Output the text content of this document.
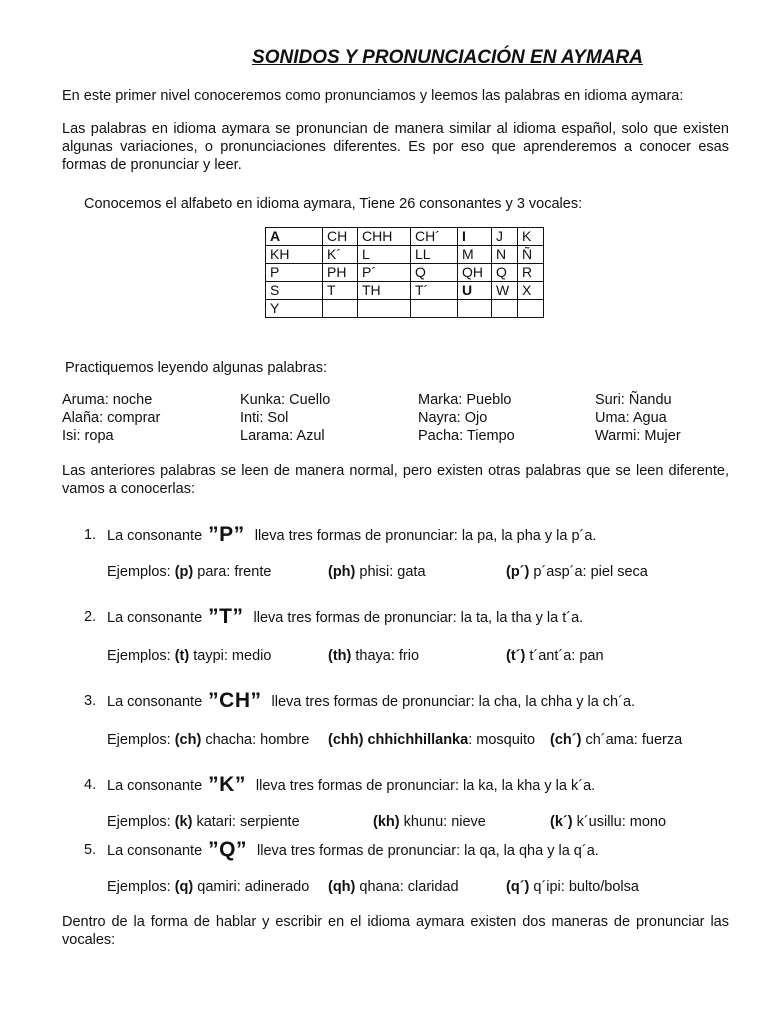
SONIDOS Y PRONUNCIACIÓN EN AYMARA

En este primer nivel conoceremos como pronunciamos y leemos las palabras en idioma aymara:

Las palabras en idioma aymara se pronuncian de manera similar al idioma español, solo que existen algunas variaciones, o pronunciaciones diferentes. Es por eso que aprenderemos a conocer esas formas de pronunciar y leer.

Conocemos el alfabeto en idioma aymara, Tiene 26 consonantes y 3 vocales:

A	CH	CHH	CH´	I	J	K
KH	K´	L	LL	M	N	Ñ
P	PH	P´	Q	QH	Q	R
S	T	TH	T´	U	W	X
Y						

Practiquemos leyendo algunas palabras:

Aruma: noche	Kunka: Cuello	Marka: Pueblo	Suri: Ñandu
Alaña: comprar	Inti: Sol	Nayra: Ojo	Uma: Agua
Isi: ropa	Larama: Azul	Pacha: Tiempo	Warmi: Mujer

Las anteriores palabras se leen de manera normal, pero existen otras palabras que se leen diferente, vamos a conocerlas:

1. La consonante ”P” lleva tres formas de pronunciar: la pa, la pha y la p´a.
Ejemplos: (p) para: frente	(ph) phisi: gata	(p´) p´asp´a: piel seca
2. La consonante ”T” lleva tres formas de pronunciar: la ta, la tha y la t´a.
Ejemplos: (t) taypi: medio	(th) thaya: frio	(t´) t´ant´a: pan
3. La consonante ”CH” lleva tres formas de pronunciar: la cha, la chha y la ch´a.
Ejemplos: (ch) chacha: hombre (chh) chhichhillanka: mosquito (ch´) ch´ama: fuerza
4. La consonante ”K” lleva tres formas de pronunciar: la ka, la kha y la k´a.
Ejemplos: (k) katari: serpiente	(kh) khunu: nieve	(k´) k´usillu: mono
5. La consonante ”Q” lleva tres formas de pronunciar: la qa, la qha y la q´a.
Ejemplos: (q) qamiri: adinerado (qh) qhana: claridad	(q´) q´ipi: bulto/bolsa

Dentro de la forma de hablar y escribir en el idioma aymara existen dos maneras de pronunciar las vocales:
